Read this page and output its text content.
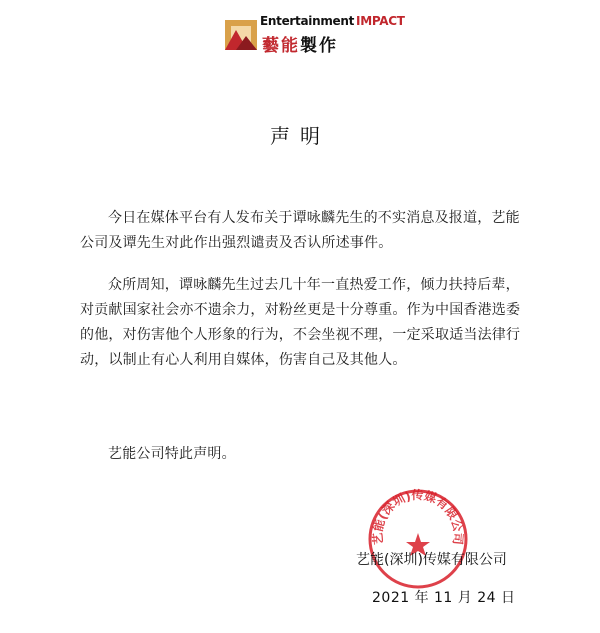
Entertainment IMPACT
藝能製作
声明

今日在媒体平台有人发布关于谭咏麟先生的不实消息及报道，艺能公司及谭先生对此作出强烈谴责及否认所述事件。

众所周知，谭咏麟先生过去几十年一直热爱工作，倾力扶持后辈，对贡献国家社会亦不遗余力，对粉丝更是十分尊重。作为中国香港选委的他，对伤害他个人形象的行为，不会坐视不理，一定采取适当法律行动，以制止有心人利用自媒体，伤害自己及其他人。

艺能公司特此声明。

艺能(深圳)传媒有限公司
艺能(深圳)传媒有限公司
2021 年 11 月 24 日
